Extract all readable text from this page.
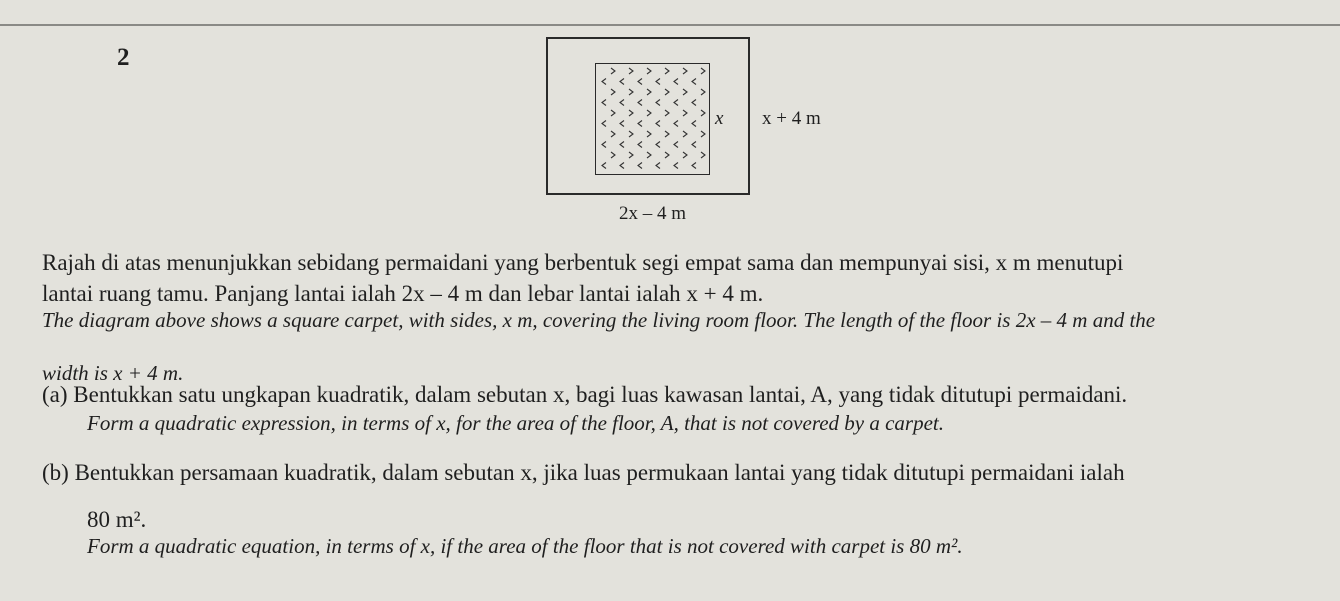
2
x x + 4 m
2x – 4 m
Rajah di atas menunjukkan sebidang permaidani yang berbentuk segi empat sama dan mempunyai sisi, x m menutupi
lantai ruang tamu. Panjang lantai ialah 2x – 4 m dan lebar lantai ialah x + 4 m.
The diagram above shows a square carpet, with sides, x m, covering the living room floor. The length of the floor is 2x – 4 m and the
width is x + 4 m.
(a) Bentukkan satu ungkapan kuadratik, dalam sebutan x, bagi luas kawasan lantai, A, yang tidak ditutupi permaidani.
Form a quadratic expression, in terms of x, for the area of the floor, A, that is not covered by a carpet.
(b) Bentukkan persamaan kuadratik, dalam sebutan x, jika luas permukaan lantai yang tidak ditutupi permaidani ialah
80 m².
Form a quadratic equation, in terms of x, if the area of the floor that is not covered with carpet is 80 m².
